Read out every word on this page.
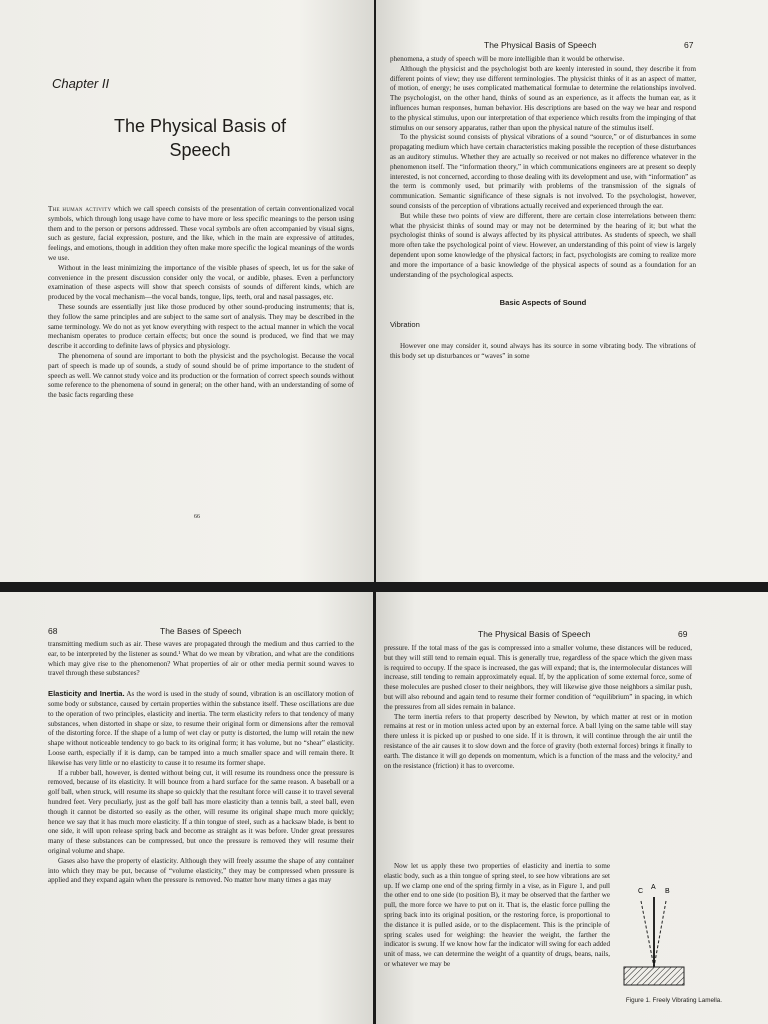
Chapter II
The Physical Basis of Speech

The human activity which we call speech consists of the presentation of certain conventionalized vocal symbols, which through long usage have come to have more or less specific meanings to the person using them and to the person or persons addressed. These vocal symbols are often accompanied by visual signs, such as gesture, facial expression, posture, and the like, which in the main are expressive of attitudes, feelings, and emotions, though in addition they often make more specific the logical meanings of the words we use.

Without in the least minimizing the importance of the visible phases of speech, let us for the sake of convenience in the present discussion consider only the vocal, or audible, phases. Even a perfunctory examination of these aspects will show that speech consists of sounds of different kinds, which are produced by the vocal mechanism—the vocal bands, tongue, lips, teeth, oral and nasal passages, etc.

These sounds are essentially just like those produced by other sound-producing instruments; that is, they follow the same principles and are subject to the same sort of analysis. They may be described in the same terminology. We do not as yet know everything with respect to the actual manner in which the vocal mechanism operates to produce certain effects; but once the sound is produced, we find that we may describe it according to definite laws of physics and physiology.

The phenomena of sound are important to both the physicist and the psychologist. Because the vocal part of speech is made up of sounds, a study of sound should be of prime importance to the student of speech as well. We cannot study voice and its production or the formation of correct speech sounds without some reference to the phenomena of sound in general; on the other hand, with an understanding of some of the basic facts regarding these

66
The Physical Basis of Speech	67

phenomena, a study of speech will be more intelligible than it would be otherwise.

Although the physicist and the psychologist both are keenly interested in sound, they describe it from different points of view; they use different terminologies. The physicist thinks of it as an aspect of matter, of motion, of energy; he uses complicated mathematical formulae to determine the relationships involved. The psychologist, on the other hand, thinks of sound as an experience, as it affects the human ear, as it influences human responses, human behavior. His descriptions are based on the way we hear and respond to the physical stimulus, upon our interpretation of that experience which results from the impinging of that stimulus on our sensory apparatus, rather than upon the physical nature of the stimulus itself.

To the physicist sound consists of physical vibrations of a sound “source,” or of disturbances in some propagating medium which have certain characteristics making possible the reception of these disturbances as an auditory stimulus. Whether they are actually so received or not makes no difference whatever in the phenomenon itself. The “information theory,” in which communications engineers are at present so deeply interested, is not concerned, according to those dealing with its development and use, with “information” as the term is commonly used, but primarily with problems of the transmission of the signals of communication. Semantic significance of these signals is not involved. To the psychologist, however, sound consists of the perception of vibrations actually received and experienced through the ear.

But while these two points of view are different, there are certain close interrelations between them: what the physicist thinks of sound may or may not be determined by the hearing of it; but what the psychologist thinks of sound is always affected by its physical attributes. As students of speech, we shall more often take the psychological point of view. However, an understanding of this point of view is largely dependent upon some knowledge of the physical factors; in fact, psychologists are coming to realize more and more the importance of a basic knowledge of the physical aspects of sound as a foundation for an understanding of the psychological aspects.

Basic Aspects of Sound

Vibration

However one may consider it, sound always has its source in some vibrating body. The vibrations of this body set up disturbances or “waves” in some

68	The Bases of Speech

transmitting medium such as air. These waves are propagated through the medium and thus carried to the ear, to be interpreted by the listener as sound.¹ What do we mean by vibration, and what are the conditions which may give rise to the phenomenon? What properties of air or other media permit sound waves to travel through these substances?

Elasticity and Inertia. As the word is used in the study of sound, vibration is an oscillatory motion of some body or substance, caused by certain properties within the substance itself. These oscillations are due to the operation of two principles, elasticity and inertia. The term elasticity refers to that tendency of many substances, when distorted in shape or size, to resume their original form or dimensions after the removal of the distorting force. If the shape of a lump of wet clay or putty is distorted, the lump will retain the new shape without noticeable tendency to go back to its original form; it has volume, but no “shear” elasticity. Loose earth, especially if it is damp, can be tamped into a much smaller space and will remain there. It likewise has very little or no elasticity to cause it to resume its former shape.

If a rubber ball, however, is dented without being cut, it will resume its roundness once the pressure is removed, because of its elasticity. It will bounce from a hard surface for the same reason. A baseball or a golf ball, when struck, will resume its shape so quickly that the resultant force will cause it to travel several hundred feet. Very peculiarly, just as the golf ball has more elasticity than a tennis ball, a steel ball, even though it cannot be distorted so easily as the other, will resume its original shape much more quickly; hence we say that it has much more elasticity. If a thin tongue of steel, such as a hacksaw blade, is bent to one side, it will upon release spring back and become as straight as it was before. Under great pressures many of these substances can be compressed, but once the pressure is removed they will resume their original volume and shape.

Gases also have the property of elasticity. Although they will freely assume the shape of any container into which they may be put, because of “volume elasticity,” they may be compressed when pressure is applied and they expand again when the pressure is removed. No matter how many times a gas may

The Physical Basis of Speech	69

pressure. If the total mass of the gas is compressed into a smaller volume, these distances will be reduced, but they will still tend to remain equal. This is generally true, regardless of the space which the given mass is required to occupy. If the space is increased, the gas will expand; that is, the intermolecular distances will increase, still tending to remain approximately equal. If, by the application of some external force, some of these molecules are pushed closer to their neighbors, they will likewise give those neighbors a similar push, but will also rebound and again tend to resume their former condition of “equilibrium” in spacing, in which the pressures from all sides remain in balance.

The term inertia refers to that property described by Newton, by which matter at rest or in motion remains at rest or in motion unless acted upon by an external force. A ball lying on the same table will stay there unless it is picked up or pushed to one side. If it is thrown, it will continue through the air until the resistance of the air causes it to slow down and the force of gravity (both external forces) brings it finally to earth. The distance it will go depends on momentum, which is a function of the mass and the velocity,² and on the resistance (friction) it has to overcome.

Now let us apply these two properties of elasticity and inertia to some elastic body, such as a thin tongue of spring steel, to see how vibrations are set up. If we clamp one end of the spring firmly in a vise, as in Figure 1, and pull the other end to one side (to position B), it may be observed that the farther we pull, the more force we have to put on it. That is, the elastic force pulling the spring back into its original position, or the restoring force, is proportional to the distance it is pulled aside, or to the displacement. This is the principle of spring scales used for weighing: the heavier the weight, the farther the indicator is swung. If we know how far the indicator will swing for each added unit of mass, we can determine the weight of a quantity of drugs, beans, nails, or whatever we may be

C
A
B
Figure 1. Freely Vibrating Lamella.
